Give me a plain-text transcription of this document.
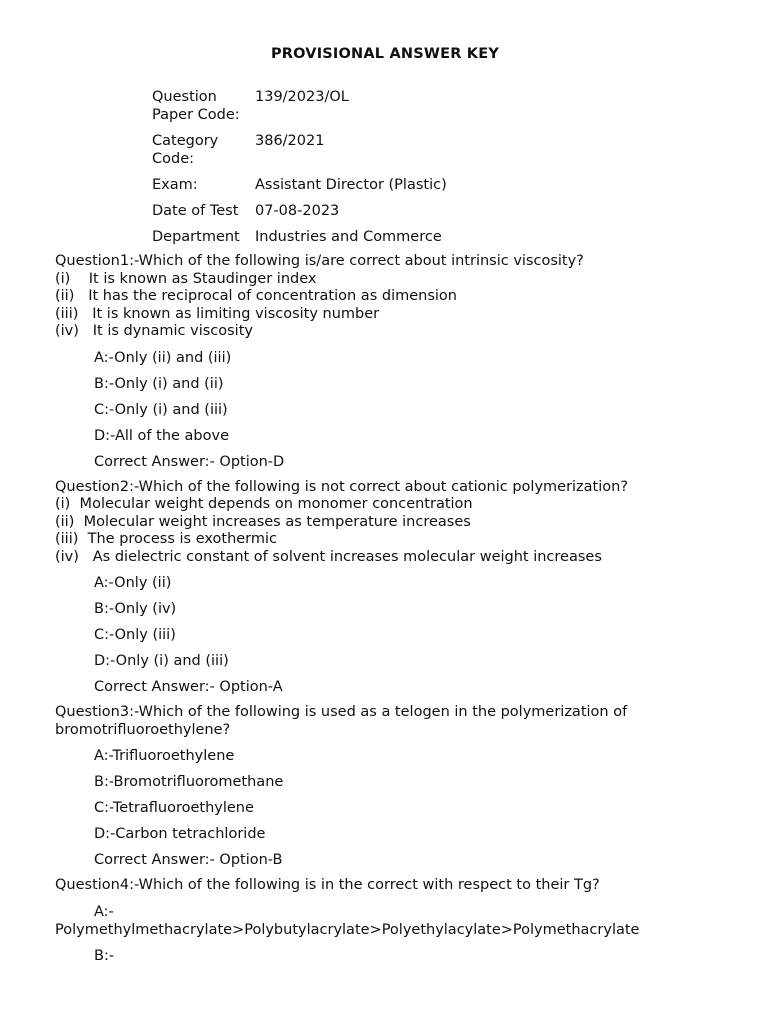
PROVISIONAL ANSWER KEY
Question Paper Code:	139/2023/OL
Category Code:	386/2021
Exam:	Assistant Director (Plastic)
Date of Test	07-08-2023
Department	Industries and Commerce
Question1:-Which of the following is/are correct about intrinsic viscosity?
(i)    It is known as Staudinger index
(ii)   It has the reciprocal of concentration as dimension
(iii)   It is known as limiting viscosity number
(iv)   It is dynamic viscosity
A:-Only (ii) and (iii)
B:-Only (i) and (ii)
C:-Only (i) and (iii)
D:-All of the above
Correct Answer:- Option-D
Question2:-Which of the following is not correct about cationic polymerization?
(i)  Molecular weight depends on monomer concentration
(ii)  Molecular weight increases as temperature increases
(iii)  The process is exothermic
(iv)   As dielectric constant of solvent increases molecular weight increases
A:-Only (ii)
B:-Only (iv)
C:-Only (iii)
D:-Only (i) and (iii)
Correct Answer:- Option-A
Question3:-Which of the following is used as a telogen in the polymerization of
bromotrifluoroethylene?
A:-Trifluoroethylene
B:-Bromotrifluoromethane
C:-Tetrafluoroethylene
D:-Carbon tetrachloride
Correct Answer:- Option-B
Question4:-Which of the following is in the correct with respect to their Tg?
A:-
Polymethylmethacrylate>Polybutylacrylate>Polyethylacylate>Polymethacrylate
B:-
